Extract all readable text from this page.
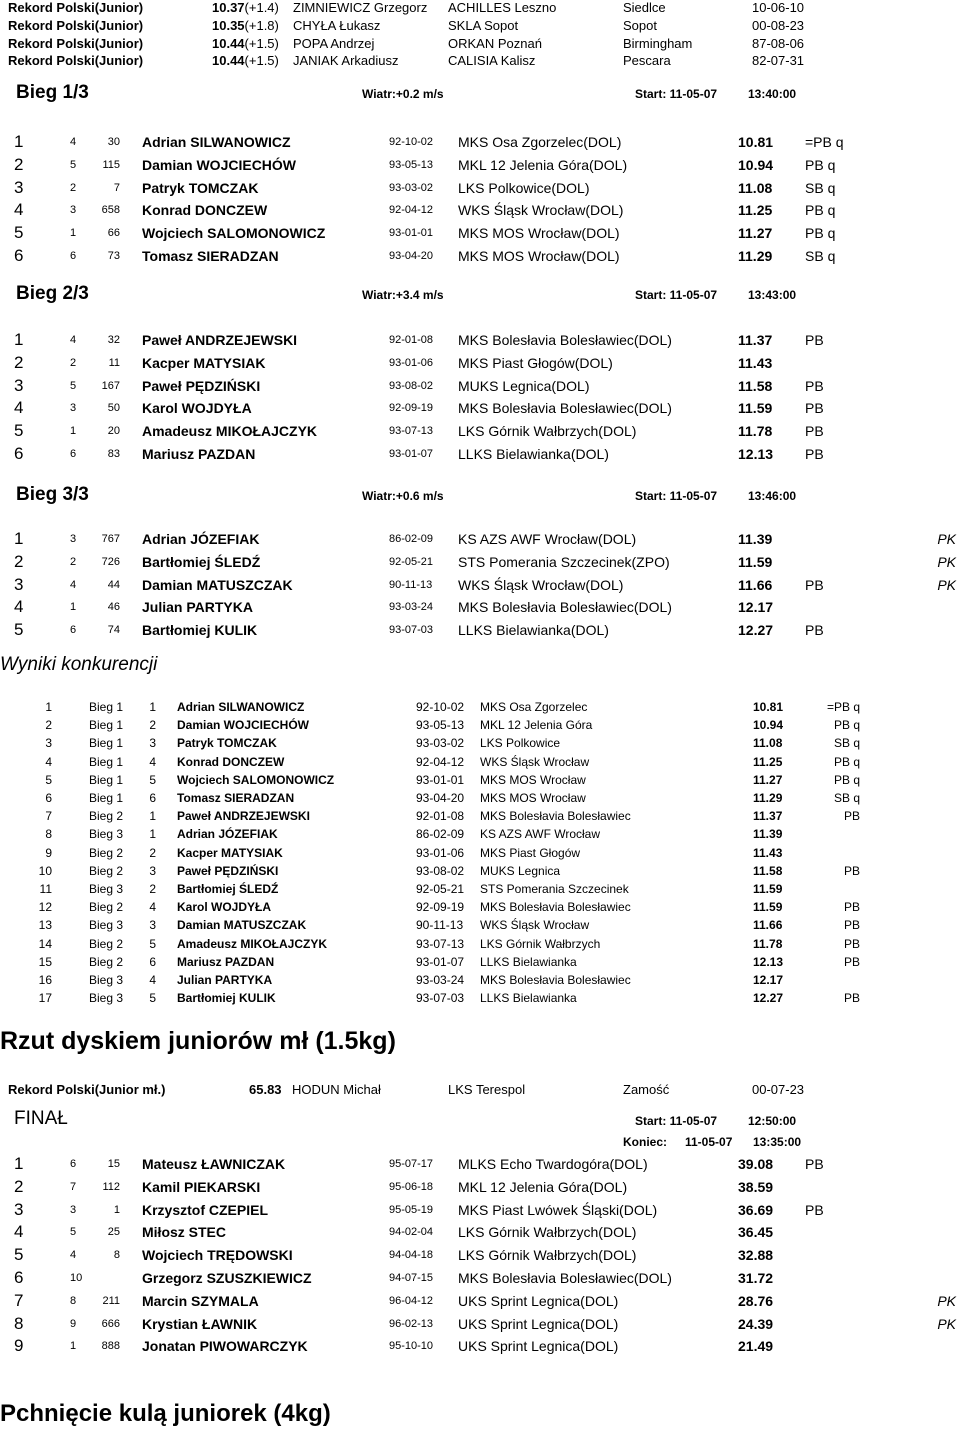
Rekord Polski(Junior)	10.37(+1.4) ZIMNIEWICZ Grzegorz ACHILLES Leszno	Siedlce	10-06-10
Rekord Polski(Junior)	10.35(+1.8) CHYŁA Łukasz	SKLA Sopot	Sopot	00-08-23
Rekord Polski(Junior)	10.44(+1.5) POPA Andrzej	ORKAN Poznań	Birmingham	87-08-06
Rekord Polski(Junior)	10.44(+1.5) JANIAK Arkadiusz	CALISIA Kalisz	Pescara	82-07-31
Bieg 1/3	Wiatr:+0.2 m/s	Start: 11-05-07	13:40:00
1	4	30 Adrian SILWANOWICZ	92-10-02 MKS Osa Zgorzelec(DOL)	10.81 =PB q
2	5	115 Damian WOJCIECHÓW	93-05-13 MKL 12 Jelenia Góra(DOL)	10.94 PB q
3	2	7 Patryk TOMCZAK	93-03-02 LKS Polkowice(DOL)	11.08 SB q
4	3	658 Konrad DONCZEW	92-04-12 WKS Śląsk Wrocław(DOL)	11.25 PB q
5	1	66 Wojciech SALOMONOWICZ	93-01-01 MKS MOS Wrocław(DOL)	11.27 PB q
6	6	73 Tomasz SIERADZAN	93-04-20 MKS MOS Wrocław(DOL)	11.29 SB q
Bieg 2/3	Wiatr:+3.4 m/s	Start: 11-05-07	13:43:00
1	4	32 Paweł ANDRZEJEWSKI	92-01-08 MKS Bolesłavia Bolesławiec(DOL)	11.37 PB
2	2	11 Kacper MATYSIAK	93-01-06 MKS Piast Głogów(DOL)	11.43
3	5	167 Paweł PĘDZIŃSKI	93-08-02 MUKS Legnica(DOL)	11.58 PB
4	3	50 Karol WOJDYŁA	92-09-19 MKS Bolesłavia Bolesławiec(DOL)	11.59 PB
5	1	20 Amadeusz MIKOŁAJCZYK	93-07-13 LKS Górnik Wałbrzych(DOL)	11.78 PB
6	6	83 Mariusz PAZDAN	93-01-07 LLKS Bielawianka(DOL)	12.13 PB
Bieg 3/3	Wiatr:+0.6 m/s	Start: 11-05-07	13:46:00
1	3	767 Adrian JÓZEFIAK	86-02-09 KS AZS AWF Wrocław(DOL)	11.39	PK
2	2	726 Bartłomiej ŚLEDŹ	92-05-21 STS Pomerania Szczecinek(ZPO)	11.59	PK
3	4	44 Damian MATUSZCZAK	90-11-13 WKS Śląsk Wrocław(DOL)	11.66 PB	PK
4	1	46 Julian PARTYKA	93-03-24 MKS Bolesłavia Bolesławiec(DOL)	12.17
5	6	74 Bartłomiej KULIK	93-07-03 LLKS Bielawianka(DOL)	12.27 PB
Wyniki konkurencji
1	Bieg 1 1 Adrian SILWANOWICZ	92-10-02 MKS Osa Zgorzelec	10.81	=PB q
2	Bieg 1 2 Damian WOJCIECHÓW	93-05-13 MKL 12 Jelenia Góra	10.94	PB q
3	Bieg 1 3 Patryk TOMCZAK	93-03-02 LKS Polkowice	11.08	SB q
4	Bieg 1 4 Konrad DONCZEW	92-04-12 WKS Śląsk Wrocław	11.25	PB q
5	Bieg 1 5 Wojciech SALOMONOWICZ	93-01-01 MKS MOS Wrocław	11.27	PB q
6	Bieg 1 6 Tomasz SIERADZAN	93-04-20 MKS MOS Wrocław	11.29	SB q
7	Bieg 2 1 Paweł ANDRZEJEWSKI	92-01-08 MKS Bolesłavia Bolesławiec	11.37	PB
8	Bieg 3 1 Adrian JÓZEFIAK	86-02-09 KS AZS AWF Wrocław	11.39
9	Bieg 2 2 Kacper MATYSIAK	93-01-06 MKS Piast Głogów	11.43
10	Bieg 2 3 Paweł PĘDZIŃSKI	93-08-02 MUKS Legnica	11.58	PB
11	Bieg 3 2 Bartłomiej ŚLEDŹ	92-05-21 STS Pomerania Szczecinek	11.59
12	Bieg 2 4 Karol WOJDYŁA	92-09-19 MKS Bolesłavia Bolesławiec	11.59	PB
13	Bieg 3 3 Damian MATUSZCZAK	90-11-13 WKS Śląsk Wrocław	11.66	PB
14	Bieg 2 5 Amadeusz MIKOŁAJCZYK	93-07-13 LKS Górnik Wałbrzych	11.78	PB
15	Bieg 2 6 Mariusz PAZDAN	93-01-07 LLKS Bielawianka	12.13	PB
16	Bieg 3 4 Julian PARTYKA	93-03-24 MKS Bolesłavia Bolesławiec	12.17
17	Bieg 3 5 Bartłomiej KULIK	93-07-03 LLKS Bielawianka	12.27	PB
Rzut dyskiem juniorów mł (1.5kg)
Rekord Polski(Junior mł.)	65.83 HODUN Michał	LKS Terespol	Zamość	00-07-23
FINAŁ	Start: 11-05-07	12:50:00
Koniec: 11-05-07 13:35:00
1	6	15 Mateusz ŁAWNICZAK	95-07-17 MLKS Echo Twardogóra(DOL)	39.08 PB
2	7	112 Kamil PIEKARSKI	95-06-18 MKL 12 Jelenia Góra(DOL)	38.59
3	3	1 Krzysztof CZEPIEL	95-05-19 MKS Piast Lwówek Śląski(DOL)	36.69 PB
4	5	25 Miłosz STEC	94-02-04 LKS Górnik Wałbrzych(DOL)	36.45
5	4	8 Wojciech TRĘDOWSKI	94-04-18 LKS Górnik Wałbrzych(DOL)	32.88
6	10	Grzegorz SZUSZKIEWICZ	94-07-15 MKS Bolesłavia Bolesławiec(DOL)	31.72
7	8	211 Marcin SZYMALA	96-04-12 UKS Sprint Legnica(DOL)	28.76	PK
8	9	666 Krystian ŁAWNIK	96-02-13 UKS Sprint Legnica(DOL)	24.39	PK
9	1	888 Jonatan PIWOWARCZYK	95-10-10 UKS Sprint Legnica(DOL)	21.49
Pchnięcie kulą juniorek (4kg)
